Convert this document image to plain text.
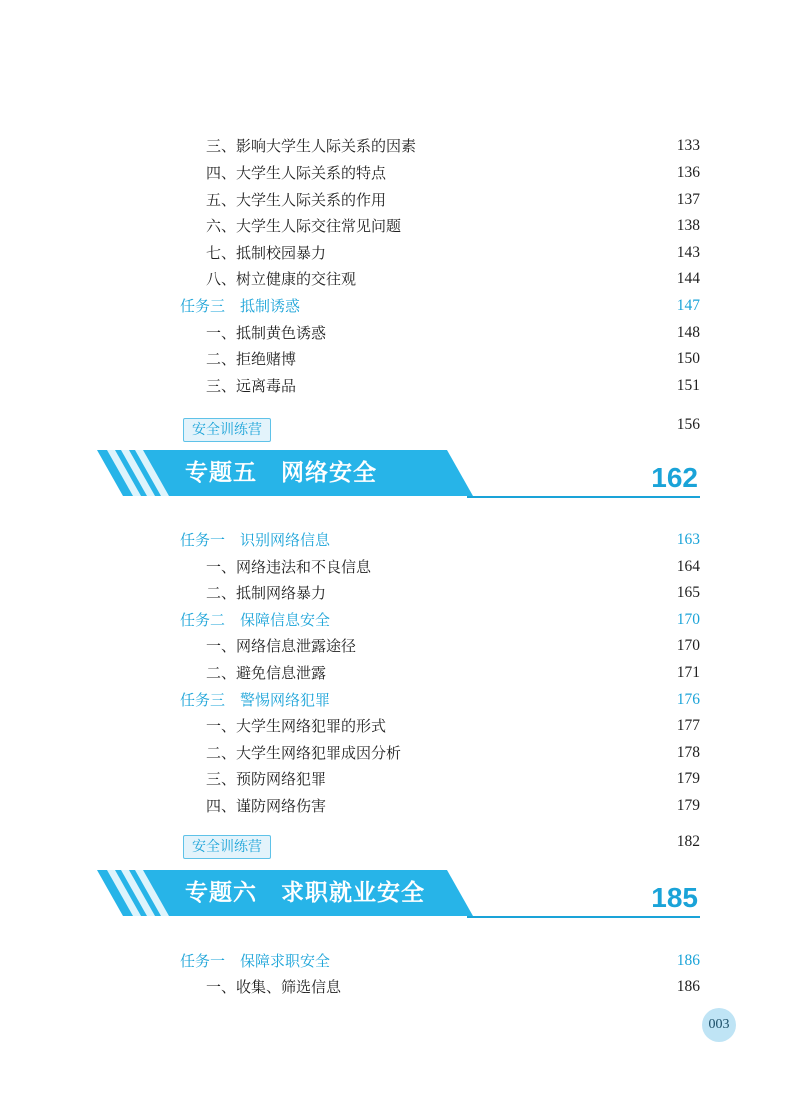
三、影响大学生人际关系的因素	133
四、大学生人际关系的特点	136
五、大学生人际关系的作用	137
六、大学生人际交往常见问题	138
七、抵制校园暴力	143
八、树立健康的交往观	144
任务三　抵制诱惑	147
一、抵制黄色诱惑	148
二、拒绝赌博	150
三、远离毒品	151
安全训练营	156
专题五　网络安全	162
任务一　识别网络信息	163
一、网络违法和不良信息	164
二、抵制网络暴力	165
任务二　保障信息安全	170
一、网络信息泄露途径	170
二、避免信息泄露	171
任务三　警惕网络犯罪	176
一、大学生网络犯罪的形式	177
二、大学生网络犯罪成因分析	178
三、预防网络犯罪	179
四、谨防网络伤害	179
安全训练营	182
专题六　求职就业安全	185
任务一　保障求职安全	186
一、收集、筛选信息	186
003
